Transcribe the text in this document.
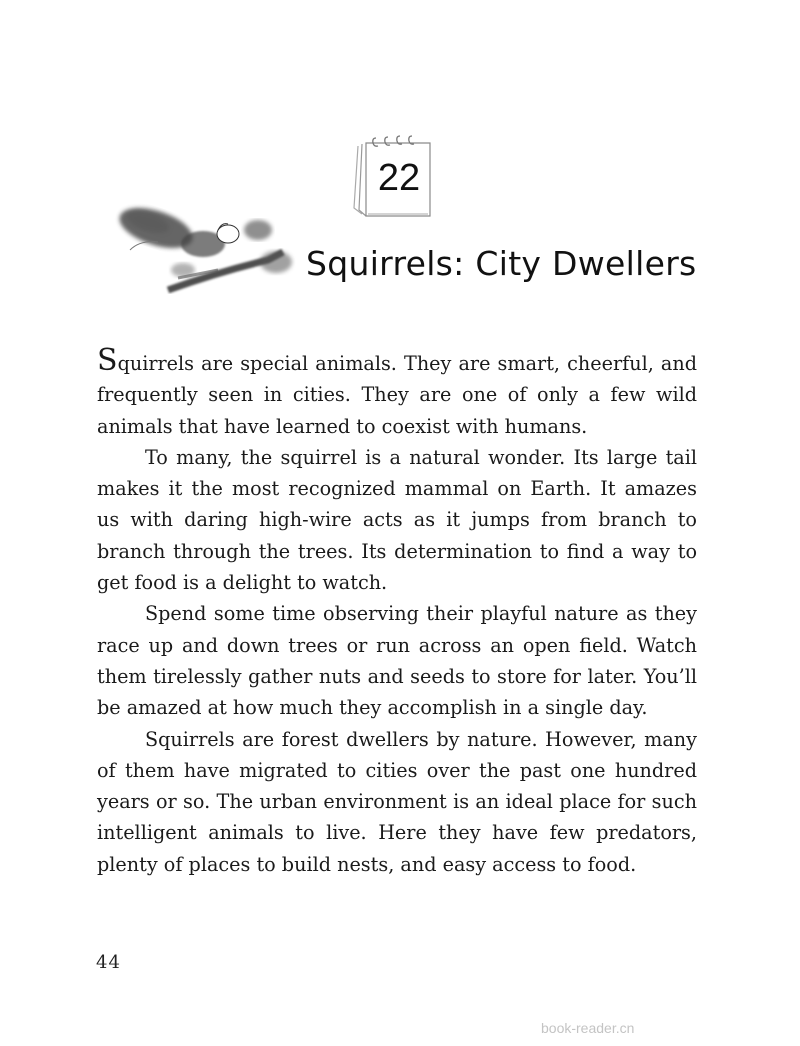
22
Squirrels: City Dwellers

Squirrels are special animals. They are smart, cheerful, and frequently seen in cities. They are one of only a few wild animals that have learned to coexist with humans.

To many, the squirrel is a natural wonder. Its large tail makes it the most recognized mammal on Earth. It amazes us with daring high-wire acts as it jumps from branch to branch through the trees. Its determination to find a way to get food is a delight to watch.

Spend some time observing their playful nature as they race up and down trees or run across an open field. Watch them tirelessly gather nuts and seeds to store for later. You’ll be amazed at how much they accomplish in a single day.

Squirrels are forest dwellers by nature. However, many of them have migrated to cities over the past one hundred years or so. The urban environment is an ideal place for such intelligent animals to live. Here they have few predators, plenty of places to build nests, and easy access to food.

44
book-reader.cn
